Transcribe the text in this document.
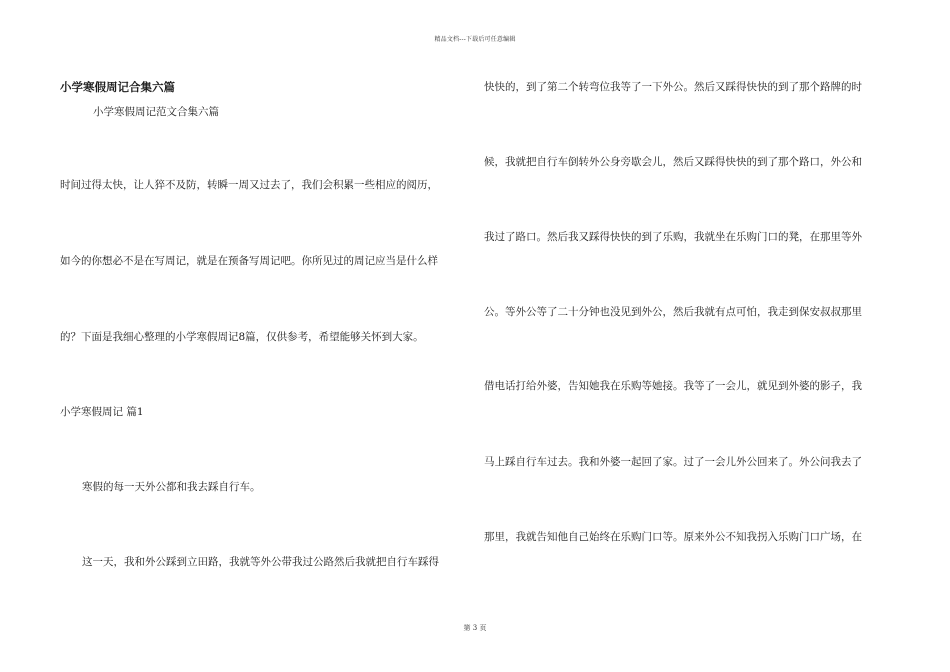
精品文档---下载后可任意编辑
小学寒假周记合集六篇
小学寒假周记范文合集六篇
时间过得太快，让人猝不及防，转瞬一周又过去了，我们会积累一些相应的阅历，
如今的你想必不是在写周记，就是在预备写周记吧。你所见过的周记应当是什么样
的？下面是我细心整理的小学寒假周记8篇，仅供参考，希望能够关怀到大家。
小学寒假周记 篇1
寒假的每一天外公都和我去踩自行车。
这一天，我和外公踩到立田路，我就等外公带我过公路然后我就把自行车踩得
快快的，到了第二个转弯位我等了一下外公。然后又踩得快快的到了那个路牌的时
候，我就把自行车倒转外公身旁歇会儿，然后又踩得快快的到了那个路口，外公和
我过了路口。然后我又踩得快快的到了乐购，我就坐在乐购门口的凳，在那里等外
公。等外公等了二十分钟也没见到外公，然后我就有点可怕，我走到保安叔叔那里
借电话打给外婆，告知她我在乐购等她接。我等了一会儿，就见到外婆的影子，我
马上踩自行车过去。我和外婆一起回了家。过了一会儿外公回来了。外公问我去了
那里，我就告知他自己始终在乐购门口等。原来外公不知我拐入乐购门口广场，在
第 3 页
